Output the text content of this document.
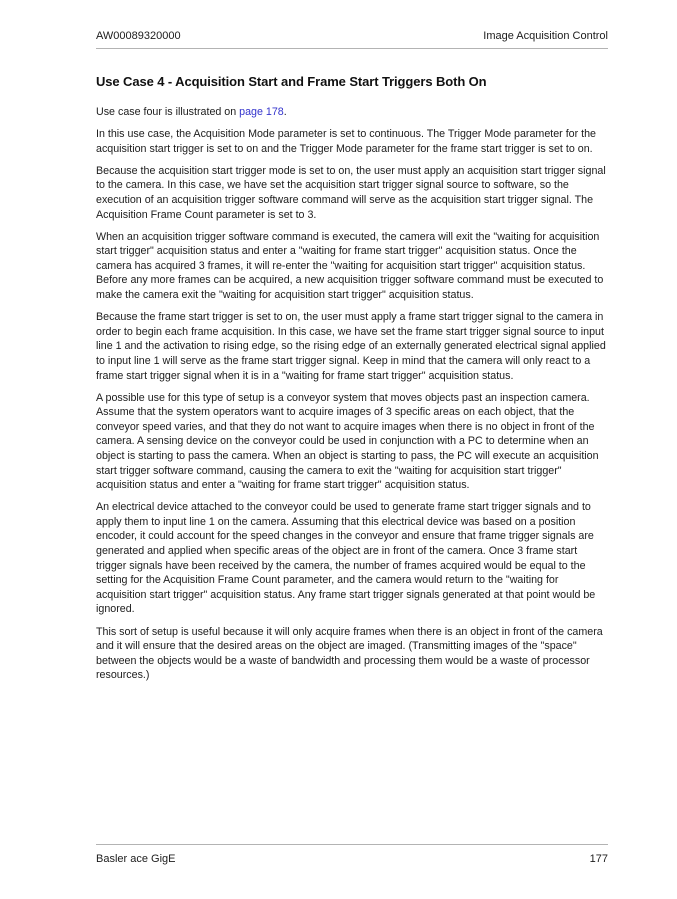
AW00089320000	Image Acquisition Control
Use Case 4 - Acquisition Start and Frame Start Triggers Both On

Use case four is illustrated on page 178.

In this use case, the Acquisition Mode parameter is set to continuous. The Trigger Mode parameter for the acquisition start trigger is set to on and the Trigger Mode parameter for the frame start trigger is set to on.

Because the acquisition start trigger mode is set to on, the user must apply an acquisition start trigger signal to the camera. In this case, we have set the acquisition start trigger signal source to software, so the execution of an acquisition trigger software command will serve as the acquisition start trigger signal. The Acquisition Frame Count parameter is set to 3.

When an acquisition trigger software command is executed, the camera will exit the "waiting for acquisition start trigger" acquisition status and enter a "waiting for frame start trigger" acquisition status. Once the camera has acquired 3 frames, it will re-enter the "waiting for acquisition start trigger" acquisition status. Before any more frames can be acquired, a new acquisition trigger software command must be executed to make the camera exit the "waiting for acquisition start trigger" acquisition status.

Because the frame start trigger is set to on, the user must apply a frame start trigger signal to the camera in order to begin each frame acquisition. In this case, we have set the frame start trigger signal source to input line 1 and the activation to rising edge, so the rising edge of an externally generated electrical signal applied to input line 1 will serve as the frame start trigger signal. Keep in mind that the camera will only react to a frame start trigger signal when it is in a "waiting for frame start trigger" acquisition status.

A possible use for this type of setup is a conveyor system that moves objects past an inspection camera. Assume that the system operators want to acquire images of 3 specific areas on each object, that the conveyor speed varies, and that they do not want to acquire images when there is no object in front of the camera. A sensing device on the conveyor could be used in conjunction with a PC to determine when an object is starting to pass the camera. When an object is starting to pass, the PC will execute an acquisition start trigger software command, causing the camera to exit the "waiting for acquisition start trigger" acquisition status and enter a "waiting for frame start trigger" acquisition status.

An electrical device attached to the conveyor could be used to generate frame start trigger signals and to apply them to input line 1 on the camera. Assuming that this electrical device was based on a position encoder, it could account for the speed changes in the conveyor and ensure that frame trigger signals are generated and applied when specific areas of the object are in front of the camera. Once 3 frame start trigger signals have been received by the camera, the number of frames acquired would be equal to the setting for the Acquisition Frame Count parameter, and the camera would return to the "waiting for acquisition start trigger" acquisition status. Any frame start trigger signals generated at that point would be ignored.

This sort of setup is useful because it will only acquire frames when there is an object in front of the camera and it will ensure that the desired areas on the object are imaged. (Transmitting images of the "space" between the objects would be a waste of bandwidth and processing them would be a waste of processor resources.)

Basler ace GigE	177
